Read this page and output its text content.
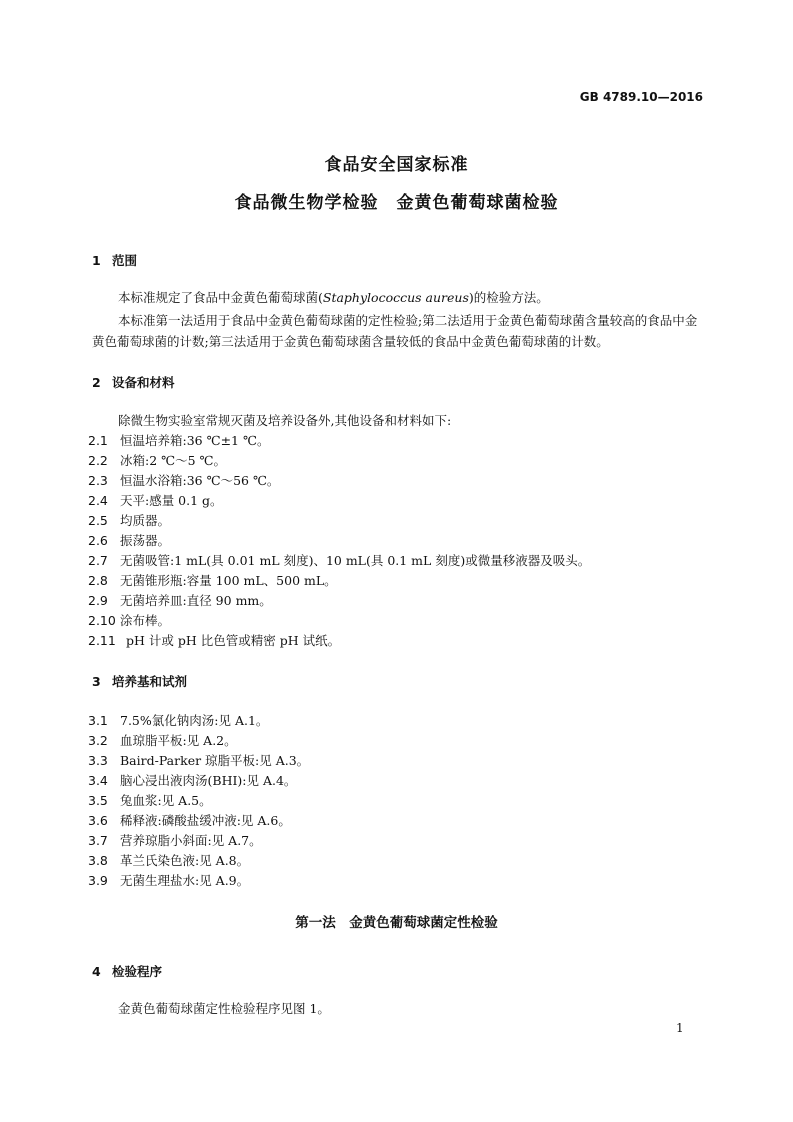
GB 4789.10—2016
食品安全国家标准
食品微生物学检验　金黄色葡萄球菌检验
1 范围
本标准规定了食品中金黄色葡萄球菌(Staphylococcus aureus)的检验方法。
本标准第一法适用于食品中金黄色葡萄球菌的定性检验;第二法适用于金黄色葡萄球菌含量较高的食品中金黄色葡萄球菌的计数;第三法适用于金黄色葡萄球菌含量较低的食品中金黄色葡萄球菌的计数。
2 设备和材料
除微生物实验室常规灭菌及培养设备外,其他设备和材料如下:
2.1 恒温培养箱:36 ℃±1 ℃。
2.2 冰箱:2 ℃～5 ℃。
2.3 恒温水浴箱:36 ℃～56 ℃。
2.4 天平:感量 0.1 g。
2.5 均质器。
2.6 振荡器。
2.7 无菌吸管:1 mL(具 0.01 mL 刻度)、10 mL(具 0.1 mL 刻度)或微量移液器及吸头。
2.8 无菌锥形瓶:容量 100 mL、500 mL。
2.9 无菌培养皿:直径 90 mm。
2.10 涂布棒。
2.11 pH 计或 pH 比色管或精密 pH 试纸。
3 培养基和试剂
3.1 7.5%氯化钠肉汤:见 A.1。
3.2 血琼脂平板:见 A.2。
3.3 Baird-Parker 琼脂平板:见 A.3。
3.4 脑心浸出液肉汤(BHI):见 A.4。
3.5 兔血浆:见 A.5。
3.6 稀释液:磷酸盐缓冲液:见 A.6。
3.7 营养琼脂小斜面:见 A.7。
3.8 革兰氏染色液:见 A.8。
3.9 无菌生理盐水:见 A.9。
第一法　金黄色葡萄球菌定性检验
4 检验程序
金黄色葡萄球菌定性检验程序见图 1。
1
